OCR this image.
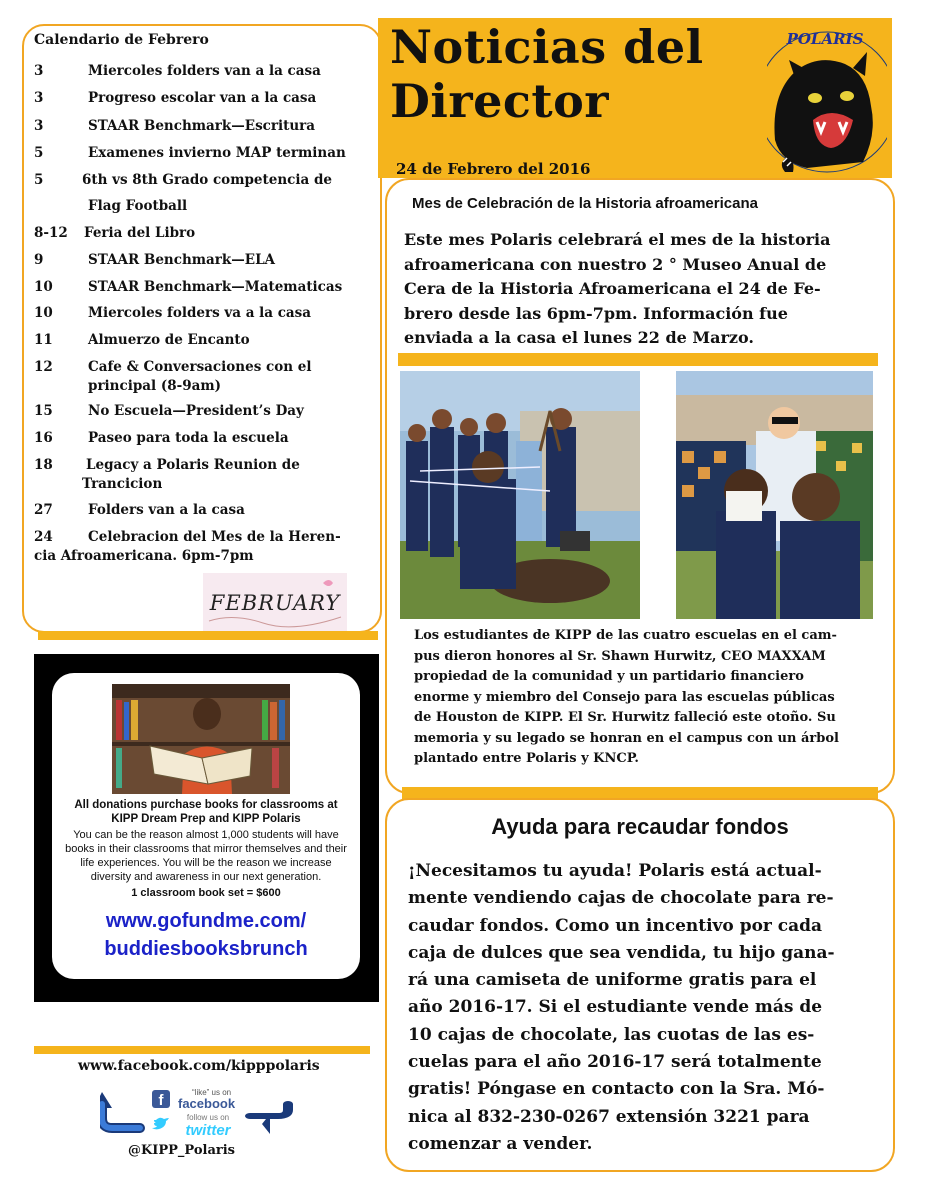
Calendario de Febrero
3	Miercoles folders van a la casa
3	Progreso escolar van a la casa
3	STAAR Benchmark—Escritura
5	Examenes invierno MAP terminan
5	6th vs 8th Grado competencia de
Flag Football
8-12 Feria del Libro
9	STAAR Benchmark—ELA
10	STAAR Benchmark—Matematicas
10	Miercoles folders va a la casa
11	Almuerzo de Encanto
12	Cafe & Conversaciones con el
principal (8-9am)
15	No Escuela—President’s Day
16	Paseo para toda la escuela
18 Legacy a Polaris Reunion de
Trancicion
27	Folders van a la casa
24	Celebracion del Mes de la Heren-
cia Afroamericana. 6pm-7pm
FEBRUARY
All donations purchase books for classrooms at KIPP Dream Prep and KIPP Polaris
You can be the reason almost 1,000 students will have books in their classrooms that mirror themselves and their life experiences. You will be the reason we increase diversity and awareness in our next generation.
1 classroom book set = $600
www.gofundme.com/
buddiesbooksbrunch
www.facebook.com/kipppolaris
f	“like” us on
facebook
follow us on
twitter
@KIPP_Polaris
Noticias del
Director
24 de Febrero del 2016
POLARIS
Mes de Celebración de la Historia afroamericana
Este mes Polaris celebrará el mes de la historia
afroamericana con nuestro 2 ° Museo Anual de
Cera de la Historia Afroamericana el 24 de Fe-
brero desde las 6pm-7pm. Información fue
enviada a la casa el lunes 22 de Marzo.
Los estudiantes de KIPP de las cuatro escuelas en el cam-
pus dieron honores al Sr. Shawn Hurwitz, CEO MAXXAM
propiedad de la comunidad y un partidario financiero
enorme y miembro del Consejo para las escuelas públicas
de Houston de KIPP. El Sr. Hurwitz falleció este otoño. Su
memoria y su legado se honran en el campus con un árbol
plantado entre Polaris y KNCP.
Ayuda para recaudar fondos
¡Necesitamos tu ayuda! Polaris está actual-
mente vendiendo cajas de chocolate para re-
caudar fondos. Como un incentivo por cada
caja de dulces que sea vendida, tu hijo gana-
rá una camiseta de uniforme gratis para el
año 2016-17. Si el estudiante vende más de
10 cajas de chocolate, las cuotas de las es-
cuelas para el año 2016-17 será totalmente
gratis! Póngase en contacto con la Sra. Mó-
nica al 832-230-0267 extensión 3221 para
comenzar a vender.
